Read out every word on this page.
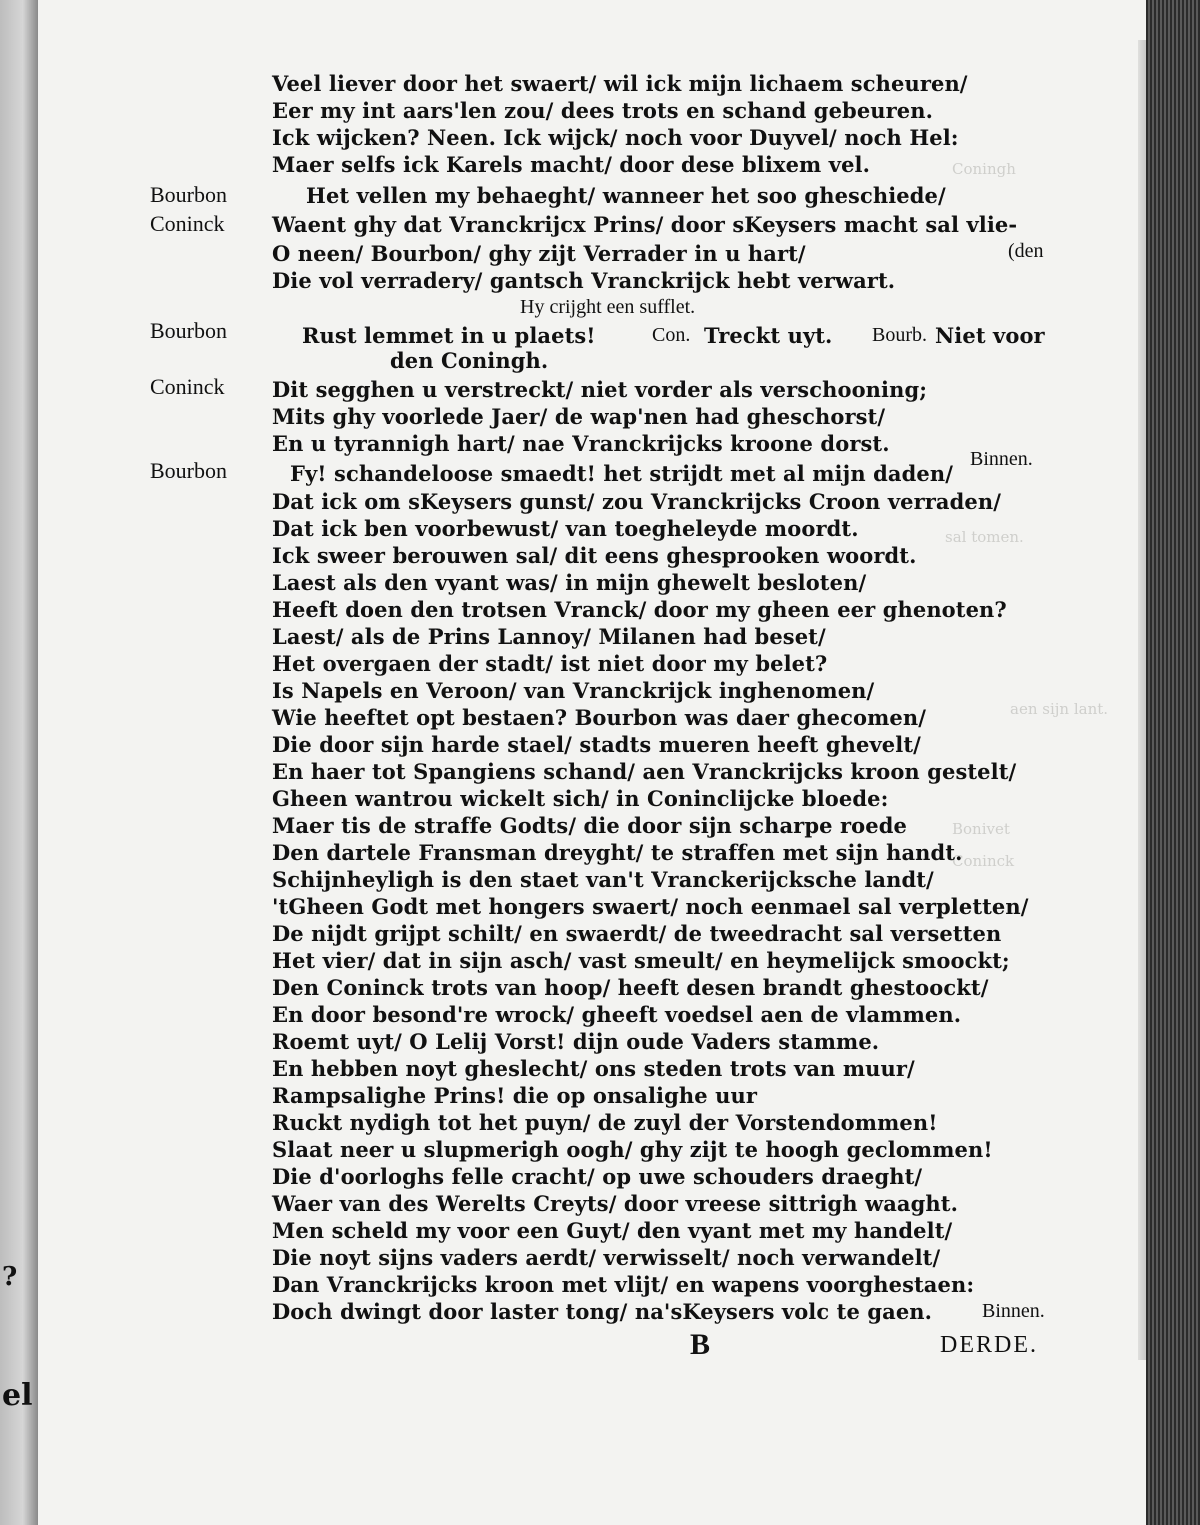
?
el
Coningh
sal tomen.
Bonivet
Coninck
aen sijn lant.
Bourbon
Coninck
Bourbon
Coninck
Bourbon
Veel liever door het swaert/ wil ick mijn lichaem scheuren/
Eer my int aars'len zou/ dees trots en schand gebeuren.
Ick wijcken? Neen. Ick wijck/ noch voor Duyvel/ noch Hel:
Maer selfs ick Karels macht/ door dese blixem vel.
Het vellen my behaeght/ wanneer het soo gheschiede/
Waent ghy dat Vranckrijcx Prins/ door sKeysers macht sal vlie-
O neen/ Bourbon/ ghy zijt Verrader in u hart/	(den
Die vol verradery/ gantsch Vranckrijck hebt verwart.
Hy crijght een sufflet.
Rust lemmet in u plaets!	Con. Treckt uyt. Bourb. Niet voor
den Coningh.
Dit segghen u verstreckt/ niet vorder als verschooning;
Mits ghy voorlede Jaer/ de wap'nen had gheschorst/
En u tyrannigh hart/ nae Vranckrijcks kroone dorst.
Binnen.
Fy! schandeloose smaedt! het strijdt met al mijn daden/
Dat ick om sKeysers gunst/ zou Vranckrijcks Croon verraden/
Dat ick ben voorbewust/ van toegheleyde moordt.
Ick sweer berouwen sal/ dit eens ghesprooken woordt.
Laest als den vyant was/ in mijn ghewelt besloten/
Heeft doen den trotsen Vranck/ door my gheen eer ghenoten?
Laest/ als de Prins Lannoy/ Milanen had beset/
Het overgaen der stadt/ ist niet door my belet?
Is Napels en Veroon/ van Vranckrijck inghenomen/
Wie heeftet opt bestaen? Bourbon was daer ghecomen/
Die door sijn harde stael/ stadts mueren heeft ghevelt/
En haer tot Spangiens schand/ aen Vranckrijcks kroon gestelt/
Gheen wantrou wickelt sich/ in Coninclijcke bloede:
Maer tis de straffe Godts/ die door sijn scharpe roede
Den dartele Fransman dreyght/ te straffen met sijn handt.
Schijnheyligh is den staet van't Vranckerijcksche landt/
'tGheen Godt met hongers swaert/ noch eenmael sal verpletten/
De nijdt grijpt schilt/ en swaerdt/ de tweedracht sal versetten
Het vier/ dat in sijn asch/ vast smeult/ en heymelijck smoockt;
Den Coninck trots van hoop/ heeft desen brandt ghestoockt/
En door besond're wrock/ gheeft voedsel aen de vlammen.
Roemt uyt/ O Lelij Vorst! dijn oude Vaders stamme.
En hebben noyt gheslecht/ ons steden trots van muur/
Rampsalighe Prins! die op onsalighe uur
Ruckt nydigh tot het puyn/ de zuyl der Vorstendommen!
Slaat neer u slupmerigh oogh/ ghy zijt te hoogh geclommen!
Die d'oorloghs felle cracht/ op uwe schouders draeght/
Waer van des Werelts Creyts/ door vreese sittrigh waaght.
Men scheld my voor een Guyt/ den vyant met my handelt/
Die noyt sijns vaders aerdt/ verwisselt/ noch verwandelt/
Dan Vranckrijcks kroon met vlijt/ en wapens voorghestaen:
Doch dwingt door laster tong/ na'sKeysers volc te gaen. Binnen.
B	DERDE.
